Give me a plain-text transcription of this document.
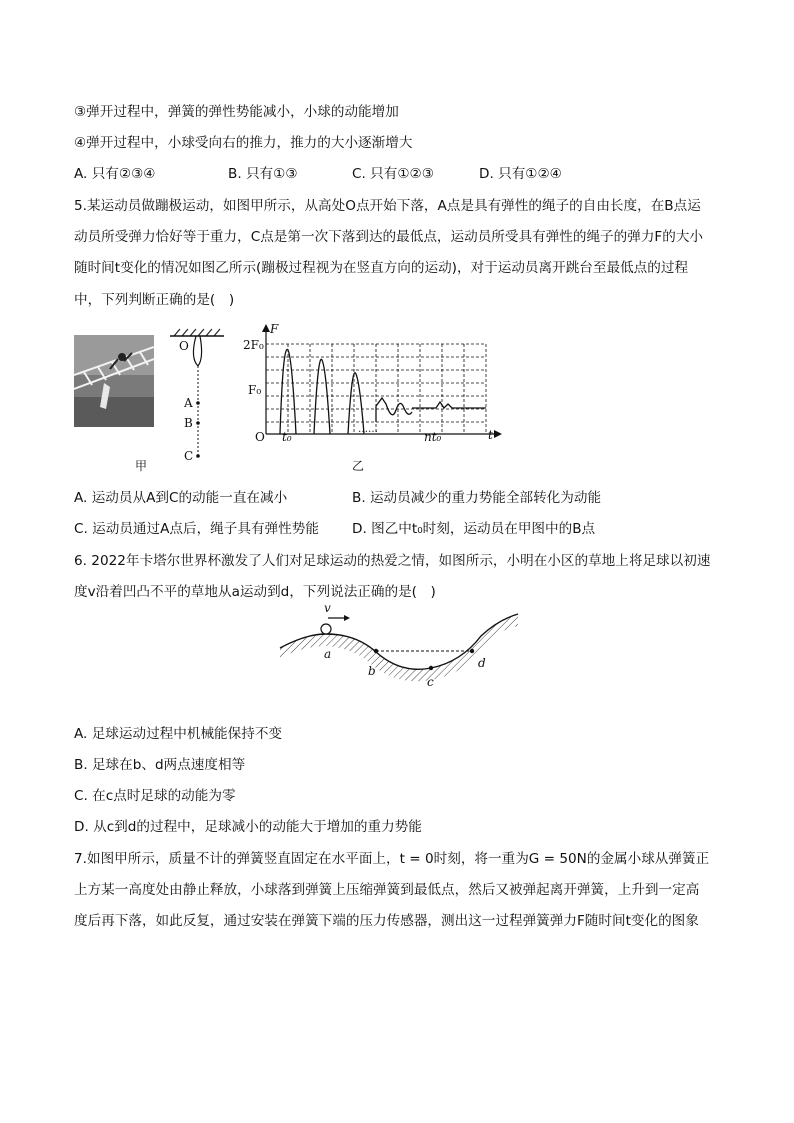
③弹开过程中，弹簧的弹性势能减小，小球的动能增加
④弹开过程中，小球受向右的推力，推力的大小逐渐增大
A. 只有②③④	B. 只有①③	C. 只有①②③	D. 只有①②④
5.某运动员做蹦极运动，如图甲所示，从高处O点开始下落，A点是具有弹性的绳子的自由长度，在B点运
动员所受弹力恰好等于重力，C点是第一次下落到达的最低点，运动员所受具有弹性的绳子的弹力F的大小
随时间t变化的情况如图乙所示(蹦极过程视为在竖直方向的运动)，对于运动员离开跳台至最低点的过程
中，下列判断正确的是(　)
O
A
B
C
甲
F
2F₀
F₀
O t₀
……
nt₀	t
乙
A. 运动员从A到C的动能一直在减小	B. 运动员减少的重力势能全部转化为动能
C. 运动员通过A点后，绳子具有弹性势能 D. 图乙中t₀时刻，运动员在甲图中的B点
6. 2022年卡塔尔世界杯激发了人们对足球运动的热爱之情，如图所示，小明在小区的草地上将足球以初速
度v沿着凹凸不平的草地从a运动到d，下列说法正确的是(　)
v
a
b
c
d
A. 足球运动过程中机械能保持不变
B. 足球在b、d两点速度相等
C. 在c点时足球的动能为零
D. 从c到d的过程中，足球减小的动能大于增加的重力势能
7.如图甲所示，质量不计的弹簧竖直固定在水平面上，t = 0时刻，将一重为G = 50N的金属小球从弹簧正
上方某一高度处由静止释放，小球落到弹簧上压缩弹簧到最低点，然后又被弹起离开弹簧，上升到一定高
度后再下落，如此反复，通过安装在弹簧下端的压力传感器，测出这一过程弹簧弹力F随时间t变化的图象
